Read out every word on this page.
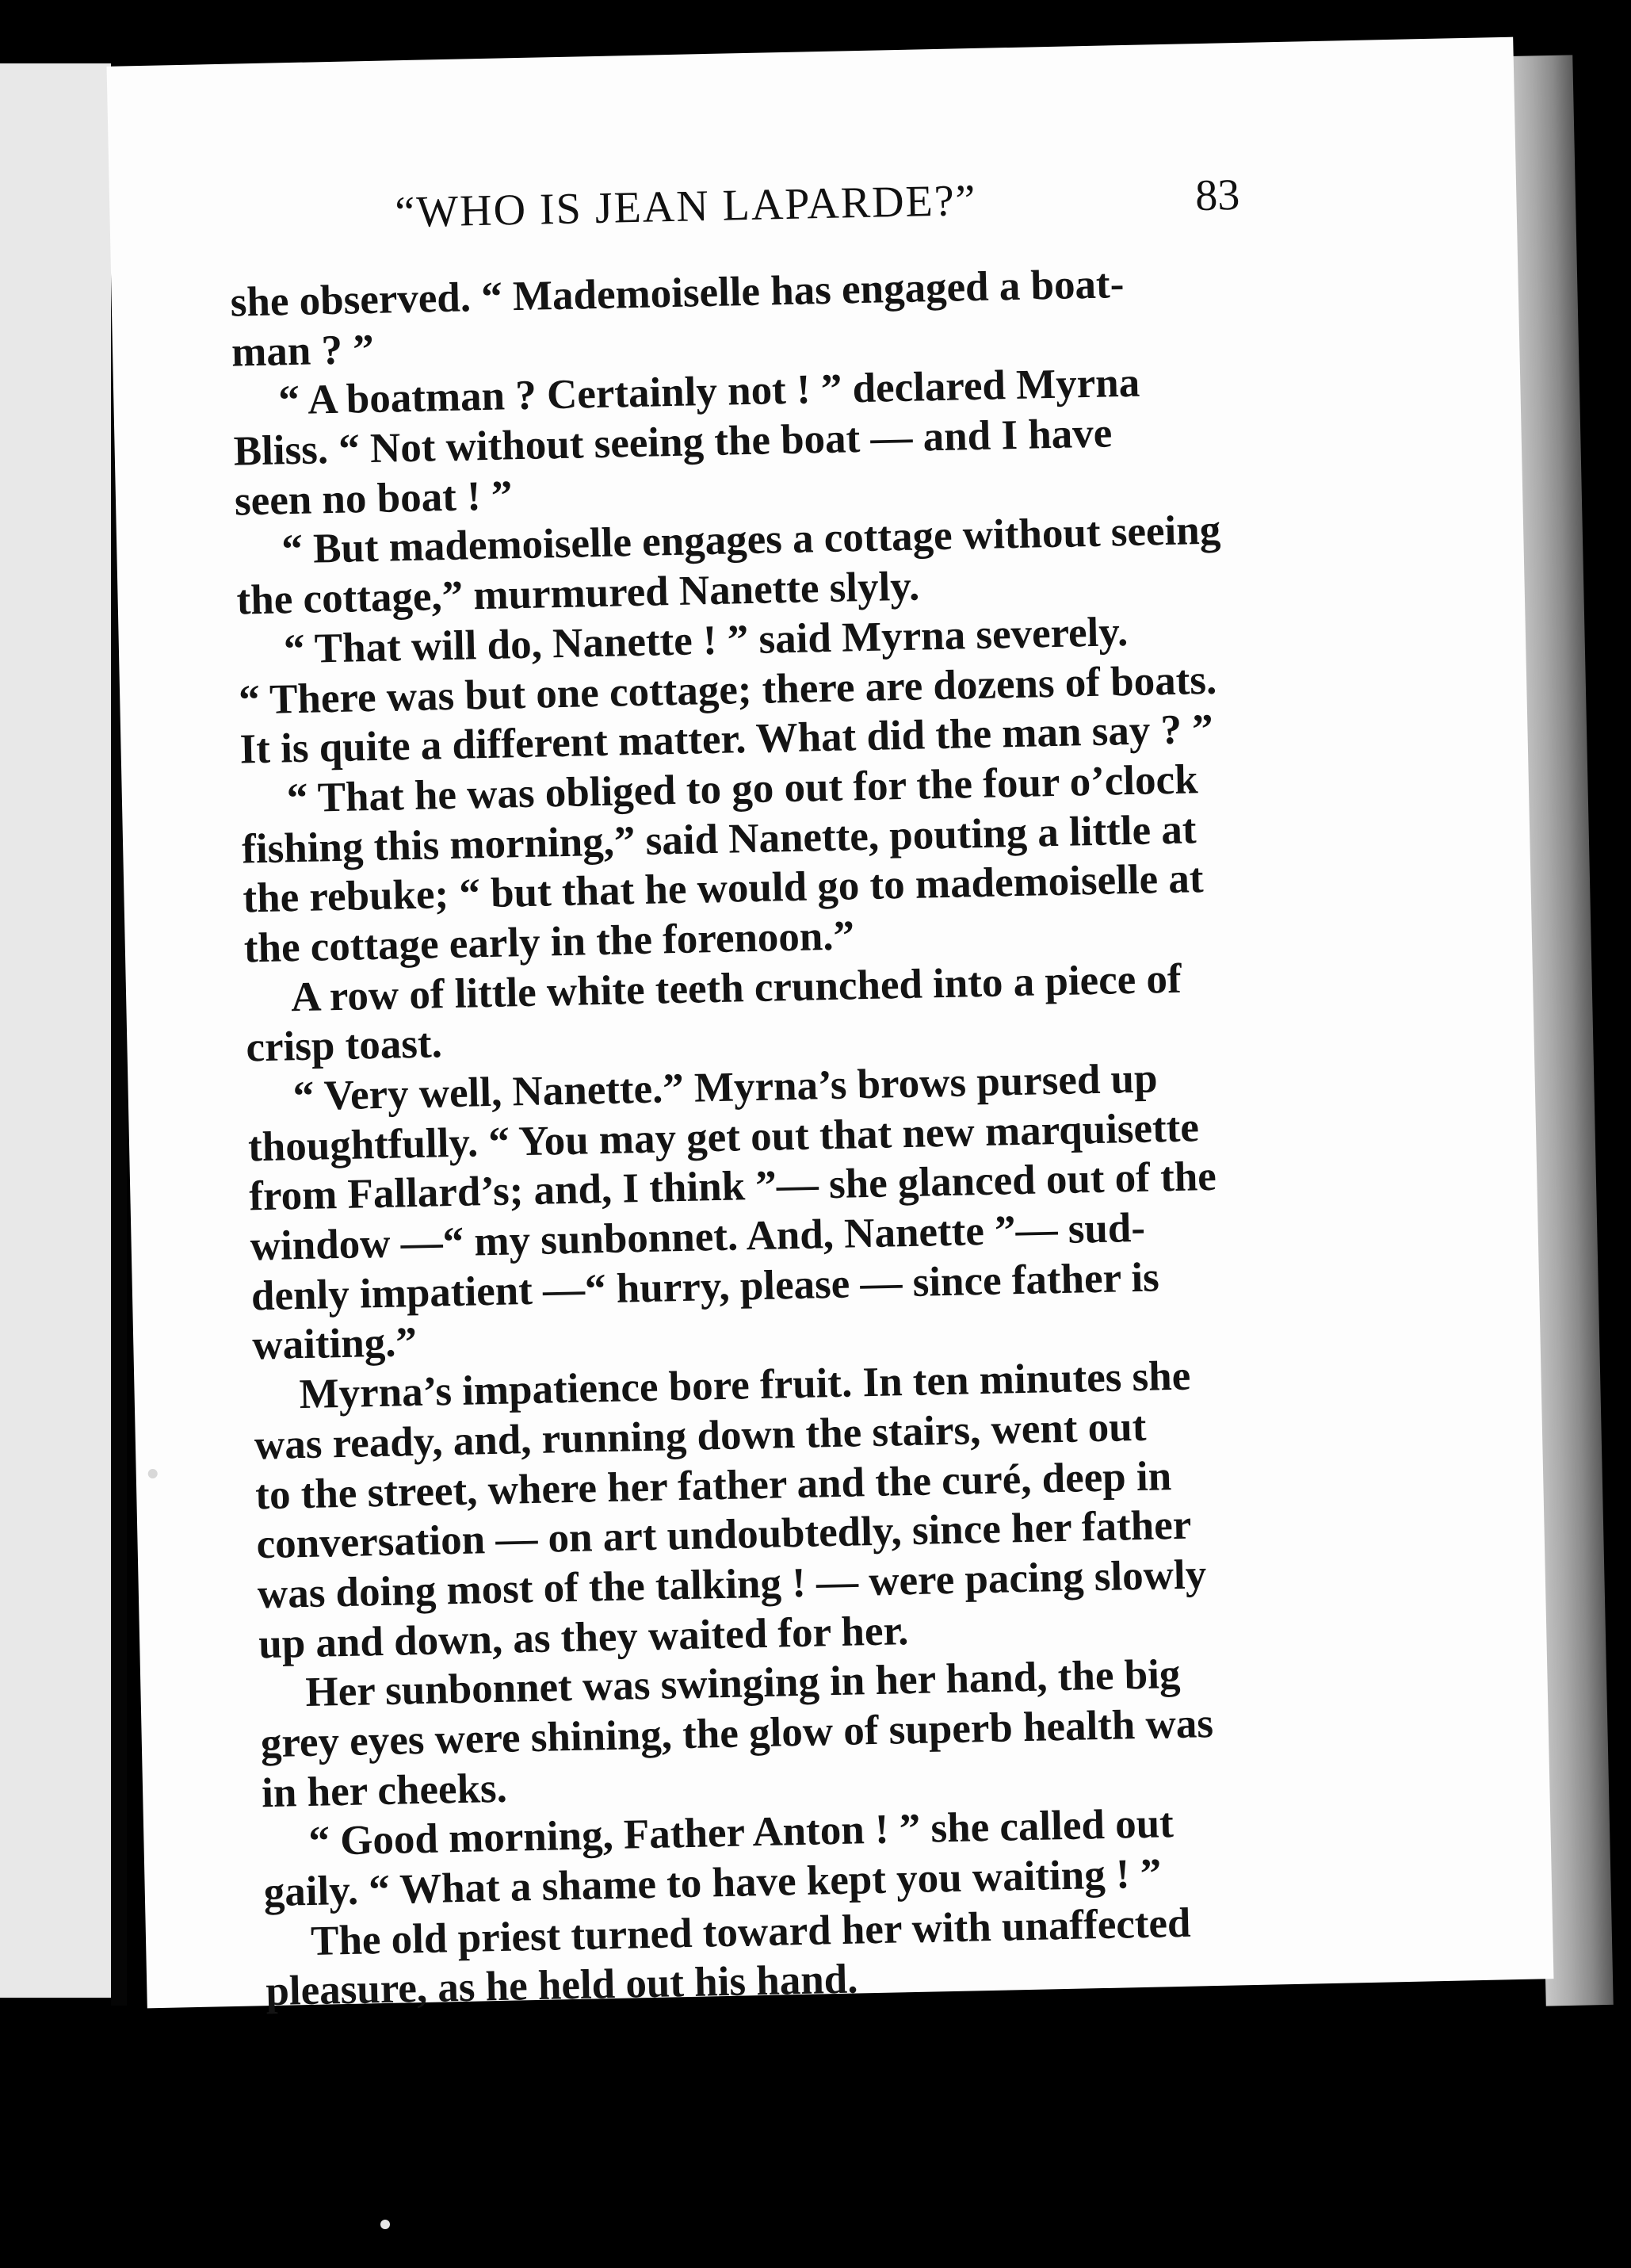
“WHO IS JEAN LAPARDE?”	83
she observed. “ Mademoiselle has engaged a boat-
man ? ”
“ A boatman ? Certainly not ! ” declared Myrna
Bliss. “ Not without seeing the boat — and I have
seen no boat ! ”
“ But mademoiselle engages a cottage without seeing
the cottage,” murmured Nanette slyly.
“ That will do, Nanette ! ” said Myrna severely.
“ There was but one cottage; there are dozens of boats.
It is quite a different matter. What did the man say ? ”
“ That he was obliged to go out for the four o’clock
fishing this morning,” said Nanette, pouting a little at
the rebuke; “ but that he would go to mademoiselle at
the cottage early in the forenoon.”
A row of little white teeth crunched into a piece of
crisp toast.
“ Very well, Nanette.” Myrna’s brows pursed up
thoughtfully. “ You may get out that new marquisette
from Fallard’s; and, I think ”— she glanced out of the
window —“ my sunbonnet. And, Nanette ”— sud-
denly impatient —“ hurry, please — since father is
waiting.”
Myrna’s impatience bore fruit. In ten minutes she
was ready, and, running down the stairs, went out
to the street, where her father and the curé, deep in
conversation — on art undoubtedly, since her father
was doing most of the talking ! — were pacing slowly
up and down, as they waited for her.
Her sunbonnet was swinging in her hand, the big
grey eyes were shining, the glow of superb health was
in her cheeks.
“ Good morning, Father Anton ! ” she called out
gaily. “ What a shame to have kept you waiting ! ”
The old priest turned toward her with unaffected
pleasure, as he held out his hand.
